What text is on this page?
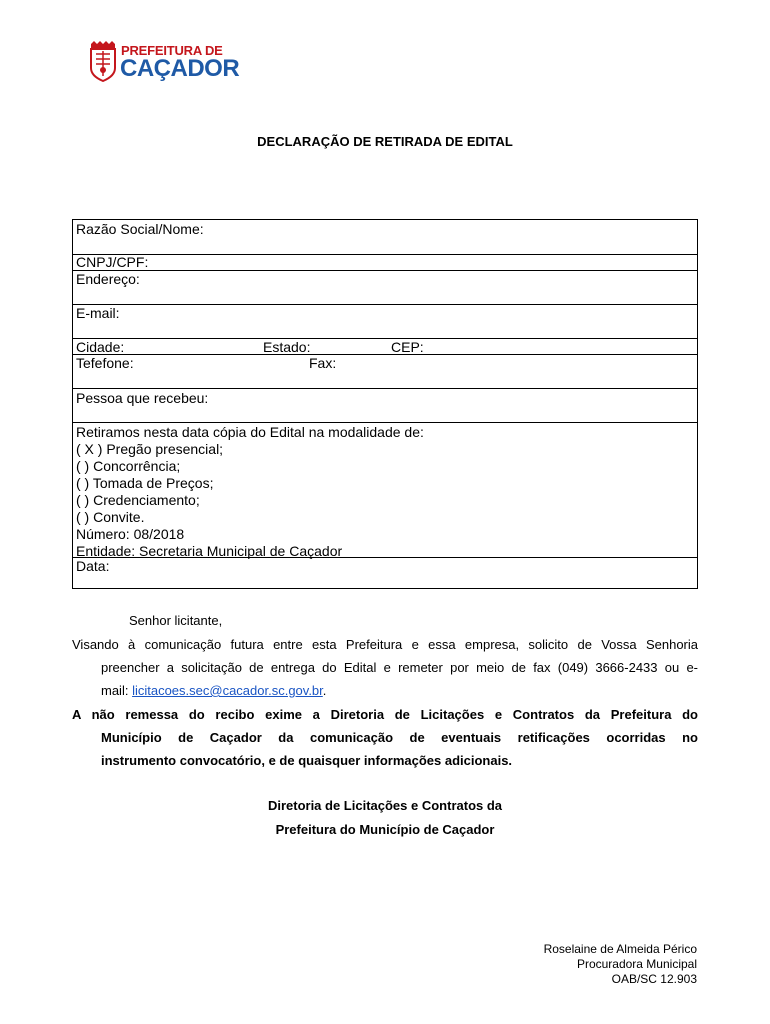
PREFEITURA DE
CAÇADOR
DECLARAÇÃO DE RETIRADA DE EDITAL
Razão Social/Nome:
CNPJ/CPF:
Endereço:
E-mail:
Cidade:	Estado:	CEP:
Tefefone:	Fax:
Pessoa que recebeu:
Retiramos nesta data cópia do Edital na modalidade de:
( X ) Pregão presencial;
( ) Concorrência;
( ) Tomada de Preços;
( ) Credenciamento;
( ) Convite.
Número: 08/2018
Entidade: Secretaria Municipal de Caçador
Data:
Senhor licitante,
Visando à comunicação futura entre esta Prefeitura e essa empresa, solicito de Vossa Senhoria
preencher a solicitação de entrega do Edital e remeter por meio de fax (049) 3666-2433 ou e-
mail: licitacoes.sec@cacador.sc.gov.br.
A não remessa do recibo exime a Diretoria de Licitações e Contratos da Prefeitura do
Município de Caçador da comunicação de eventuais retificações ocorridas no
instrumento convocatório, e de quaisquer informações adicionais.
Diretoria de Licitações e Contratos da
Prefeitura do Município de Caçador
Roselaine de Almeida Périco
Procuradora Municipal
OAB/SC 12.903
